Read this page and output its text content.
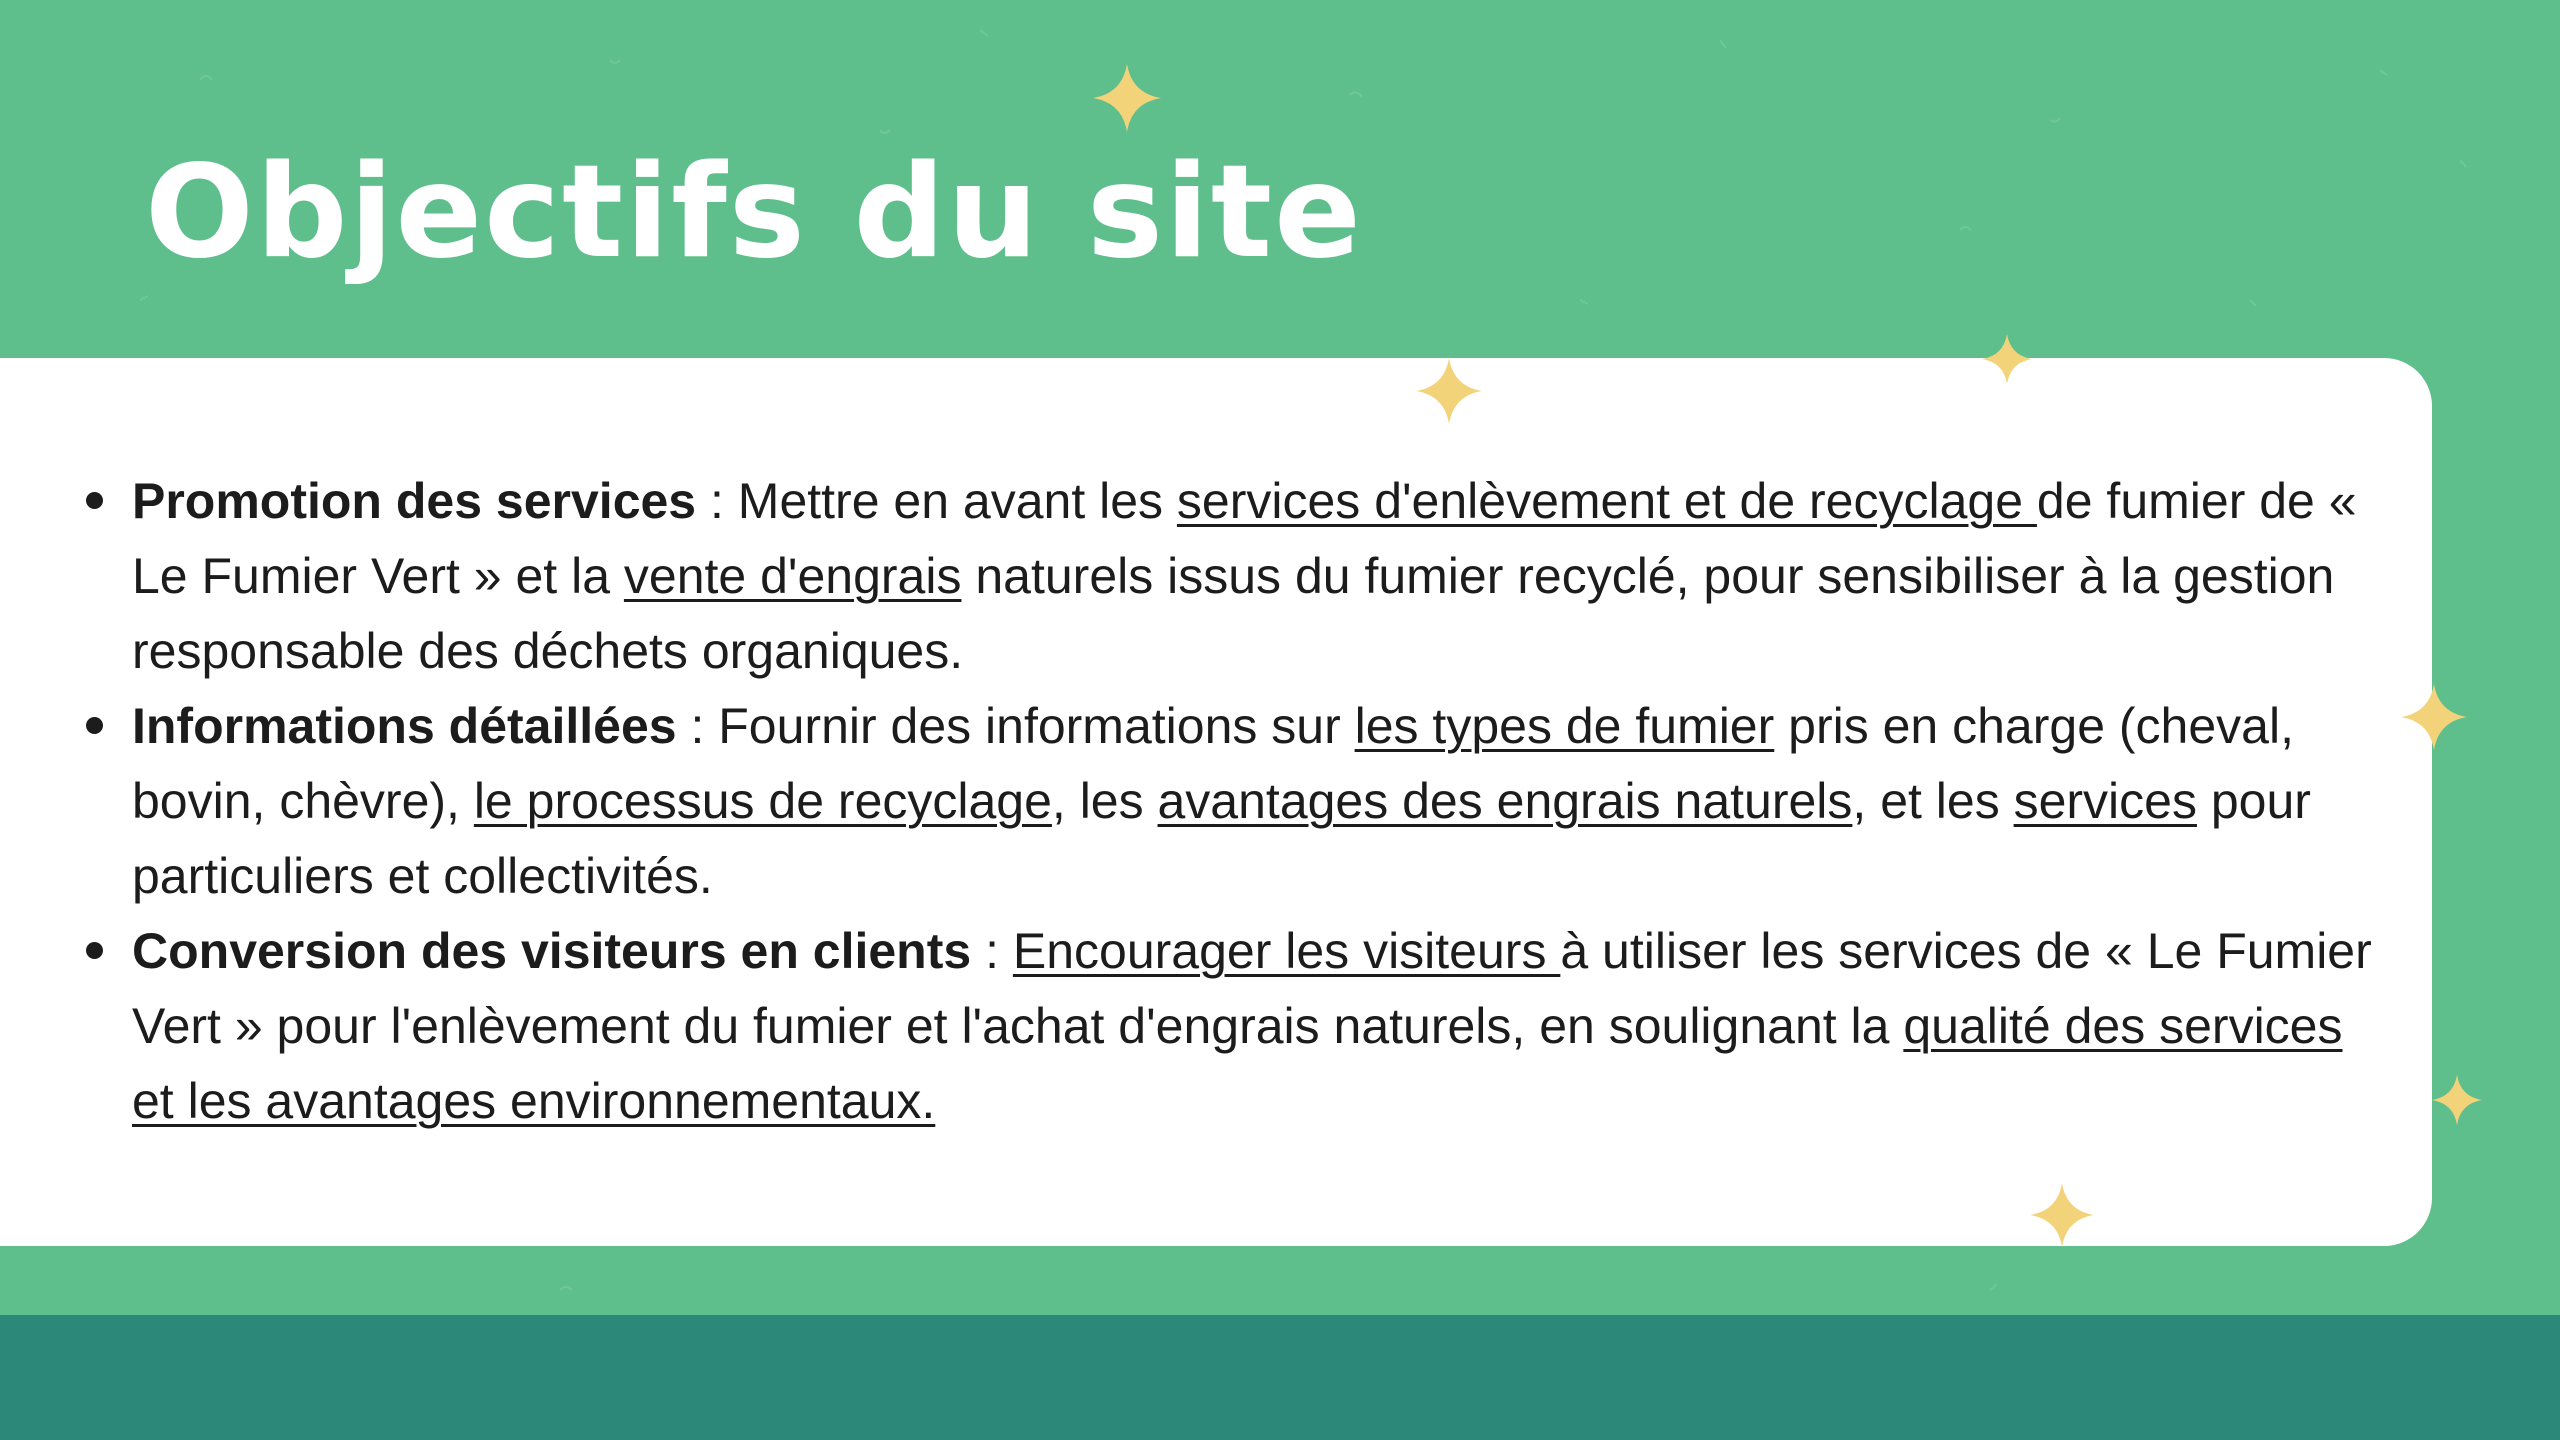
Objectifs du site
Promotion des services : Mettre en avant les services d'enlèvement et de recyclage de fumier de « Le Fumier Vert » et la vente d'engrais naturels issus du fumier recyclé, pour sensibiliser à la gestion responsable des déchets organiques.
Informations détaillées : Fournir des informations sur les types de fumier pris en charge (cheval, bovin, chèvre), le processus de recyclage, les avantages des engrais naturels, et les services pour particuliers et collectivités.
Conversion des visiteurs en clients : Encourager les visiteurs à utiliser les services de « Le Fumier Vert » pour l'enlèvement du fumier et l'achat d'engrais naturels, en soulignant la qualité des services et les avantages environnementaux.
